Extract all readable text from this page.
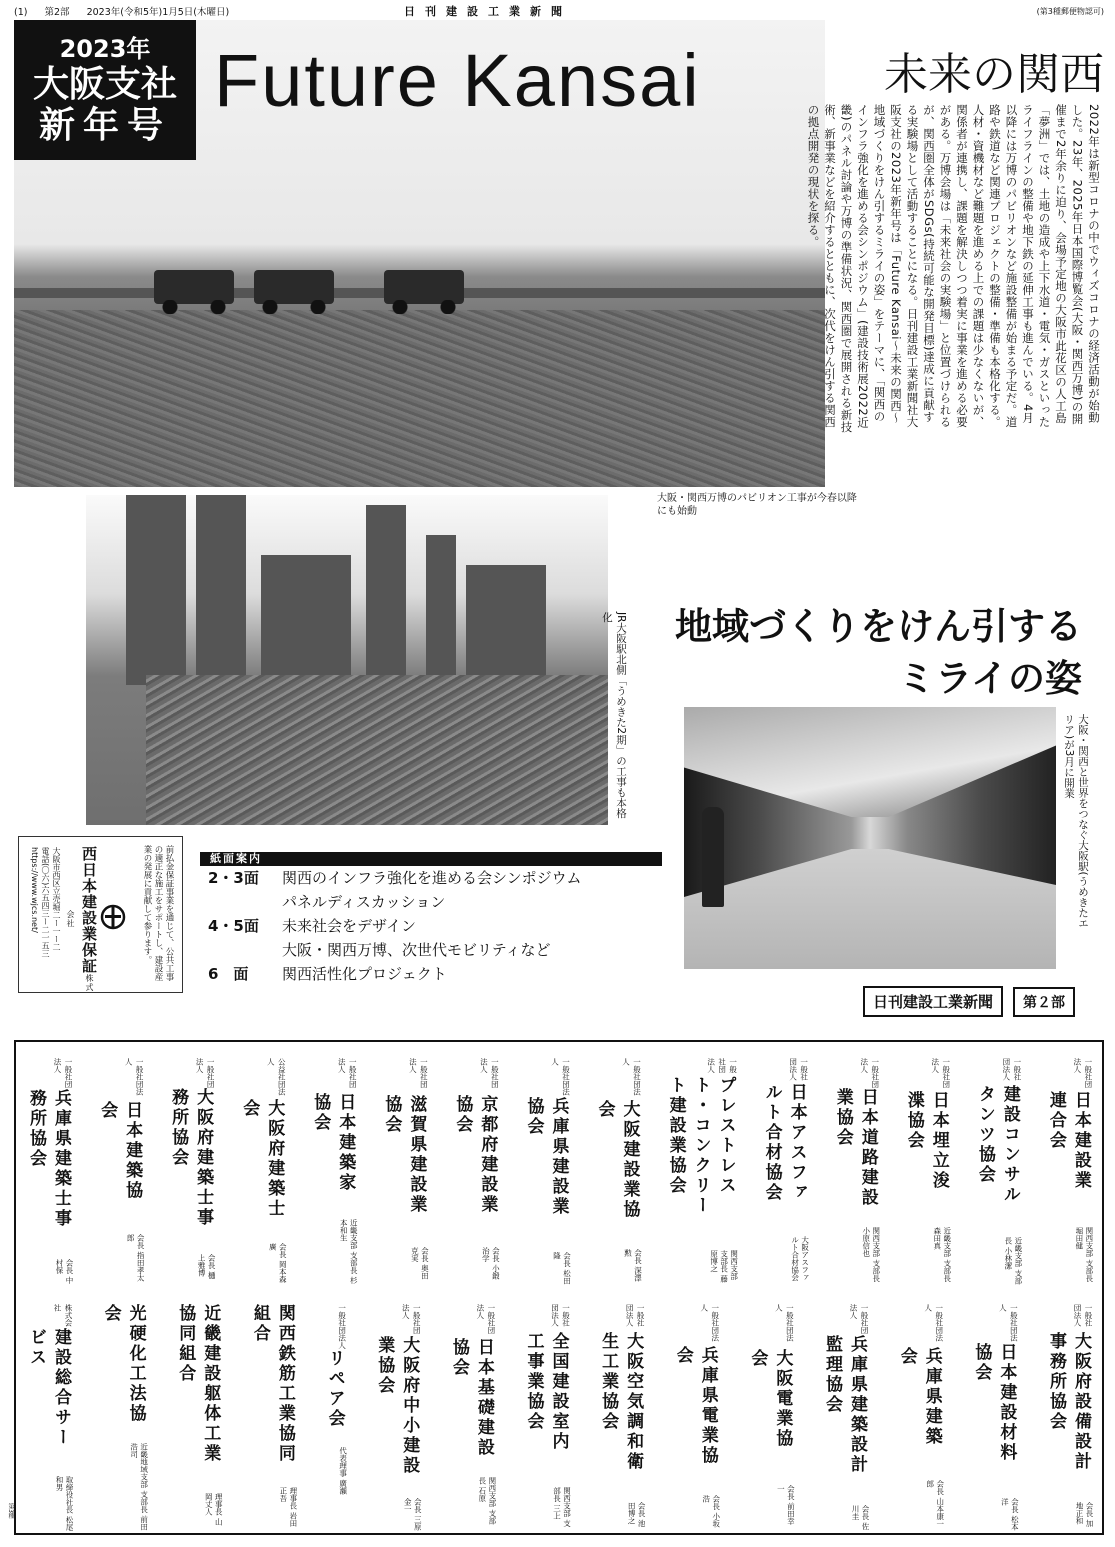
(1) 第2部 2023年(令和5年)1月5日(木曜日)	日刊建設工業新聞	(第3種郵便物認可)
2023年
大阪支社
新年号
Future Kansai	未来の関西
2022年は新型コロナの中でウィズコロナの経済活動が始動した。23年、2025年日本国際博覧会(大阪・関西万博)の開催まで2年余りに迫り、会場予定地の大阪市此花区の人工島「夢洲」では、土地の造成や上下水道・電気・ガスといったライフラインの整備や地下鉄の延伸工事も進んでいる。4月以降には万博のパビリオンなど施設整備が始まる予定だ。道路や鉄道など関連プロジェクトの整備・準備も本格化する。人材・資機材など難題を進める上での課題は少なくないが、関係者が連携し、課題を解決しつつ着実に事業を進める必要がある。万博会場は「未来社会の実験場」と位置づけられるが、関西圏全体がSDGs(持続可能な開発目標)達成に貢献する実験場として活動することになる。日刊建設工業新聞社大阪支社の2023年新年号は「Future Kansai〜未来の関西〜 地域づくりをけん引するミライの姿」をテーマに、「関西のインフラ強化を進める会シンポジウム」(建設技術展2022近畿)のパネル討論や万博の準備状況、関西圏で展開される新技術、新事業などを紹介するとともに、次代をけん引する関西の拠点開発の現状を探る。
大阪・関西万博のパビリオン工事が今春以降にも始動
JR大阪駅北側「うめきた2期」の工事も本格化	地域づくりをけん引する
ミライの姿
大阪・関西と世界をつなぐ大阪駅(うめきたエリア)が3月に開業
前払金保証事業を通じて、公共工事の適正な施工をサポートし、建設産業の発展に貢献して参ります。
西日本建設業保証株式会社
大阪市西区立売堀二ー一ー二
電話(〇六)六五四三ー二一五三
https://www.wjcs.net/	紙面案内
2・3面	関西のインフラ強化を進める会シンポジウム
パネルディスカッション
4・5面	未来社会をデザイン
大阪・関西万博、次世代モビリティなど
6　面	関西活性化プロジェクト
日刊建設工業新聞	第２部
一般社団法人
日本建設業連合会
関西支部 支部長 堀田健
一般社団法人
建設コンサルタンツ協会
近畿支部 支部長 小林潔
一般社団法人
日本埋立浚渫協会
近畿支部 支部長 森田真
一般社団法人
日本道路建設業協会
関西支部 支部長 小原信也
一般社団法人
日本アスファルト合材協会
大阪アスファルト合材協会
一般社団法人
プレストレスト・コンクリート建設業協会
関西支部 支部長 藤原博之
一般社団法人
大阪建設業協会
会長 深澤勲
一般社団法人
兵庫県建設業協会
会長 松田隆
一般社団法人
京都府建設業協会
会長 小鍛治学
一般社団法人
滋賀県建設業協会
会長 奥田克実
一般社団法人
日本建築家協会
近畿支部 支部長 杉本和生
公益社団法人
大阪府建築士会
会長 岡本森廣
一般社団法人
大阪府建築士事務所協会
会長 樋上雅博
一般社団法人
日本建築協会
会長 指田孝太郎
一般社団法人
兵庫県建築士事務所協会
会長 中村保
一般社団法人
大阪府設備設計事務所協会
会長 加地正和
一般社団法人
日本建設材料協会
会長 松本洋
一般社団法人
兵庫県建築会
会長 山本康一郎
一般社団法人
兵庫県建築設計監理協会
会長 佐川圭
一般社団法人
大阪電業協会
会長 前田幸一
一般社団法人
兵庫県電業協会
会長 小坂浩
一般社団法人
大阪空気調和衛生工業協会
会長 池田博之
一般社団法人
全国建設室内工事業協会
関西支部 支部長 三上
一般社団法人
日本基礎建設協会
関西支部 支部長 石原
一般社団法人
大阪府中小建設業協会
会長 三原金一
一般社団法人
リペア会
代表理事 廣瀬
関西鉄筋工業協同組合
理事長 岩田正吾
近畿建設躯体工業協同組合
理事長 山岡丈人
光硬化工法協会
近畿地域支部 支部長 前田浩司
株式会社
建設総合サービス
取締役社長 松尾和男
第3種
